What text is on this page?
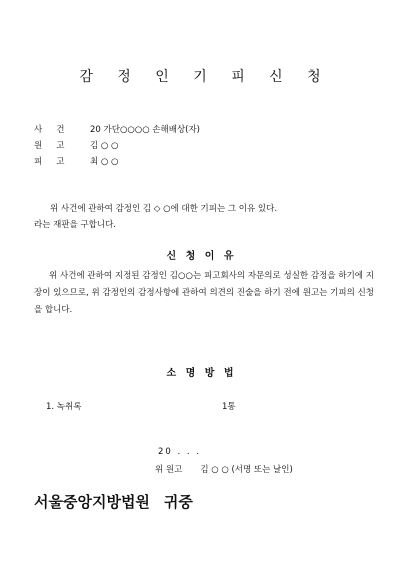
감 정 인 기 피 신 청
사건 20 가단○○○○ 손해배상(자)
원고 김 ○ ○
피고 최 ○ ○
위 사건에 관하여 감정인 김 ◇ ○에 대한 기피는 그 이유 있다.
라는 재판을 구합니다.
신 청 이 유
위 사건에 관하여 지정된 감정인 김○○는 피고회사의 자문의로 성실한 감정을 하기에 지장이 있으므로, 위 감정인의 감정사항에 관하여 의견의 진술을 하기 전에 원고는 기피의 신청을 합니다.
소 명 방 법
1. 녹취록	1통
20 . . .
위 원고 김 ○ ○ (서명 또는 날인)
서울중앙지방법원 귀중
